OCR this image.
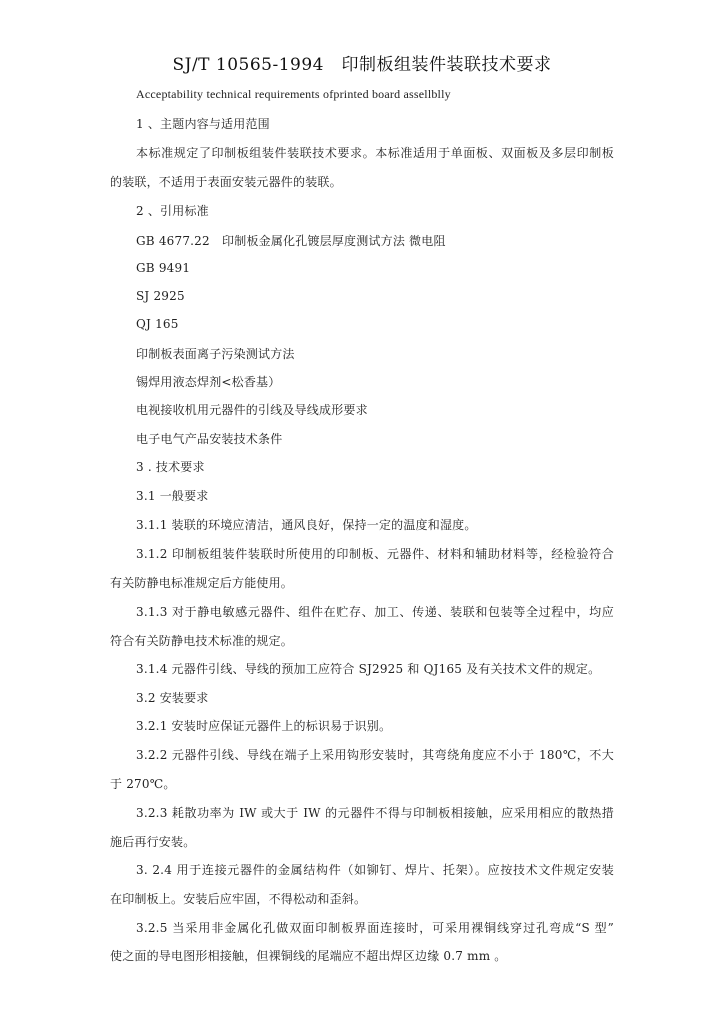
SJ/T 10565-1994　印制板组装件装联技术要求
Acceptability technical requirements ofprinted board assellblly
1 、主题内容与适用范围
本标准规定了印制板组装件装联技术要求。本标准适用于单面板、双面板及多层印制板
的装联，不适用于表面安装元器件的装联。
2 、引用标准
GB 4677.22　印制板金属化孔镀层厚度测试方法 微电阻
GB 9491
SJ 2925
QJ 165
印制板表面离子污染测试方法
锡焊用液态焊剂<松香基）
电视接收机用元器件的引线及导线成形要求
电子电气产品安装技术条件
3 . 技术要求
3.1 一般要求
3.1.1 装联的环境应清洁，通风良好，保持一定的温度和湿度。
3.1.2 印制板组装件装联时所使用的印制板、元器件、材料和辅助材料等，经检验符合
有关防静电标准规定后方能使用。
3.1.3 对于静电敏感元器件、组件在贮存、加工、传递、装联和包装等全过程中，均应
符合有关防静电技术标准的规定。
3.1.4 元器件引线、导线的预加工应符合 SJ2925 和 QJ165 及有关技术文件的规定。
3.2 安装要求
3.2.1 安装时应保证元器件上的标识易于识别。
3.2.2 元器件引线、导线在端子上采用钩形安装时，其弯绕角度应不小于 180℃，不大
于 270℃。
3.2.3 耗散功率为 IW 或大于 IW 的元器件不得与印制板相接触，应采用相应的散热措
施后再行安装。
3. 2.4 用于连接元器件的金属结构件（如铆钉、焊片、托架）。应按技术文件规定安装
在印制板上。安装后应牢固，不得松动和歪斜。
3.2.5 当采用非金属化孔做双面印制板界面连接时，可采用裸铜线穿过孔弯成“S 型”
使之面的导电图形相接触，但裸铜线的尾端应不超出焊区边缘 0.7 mm 。
